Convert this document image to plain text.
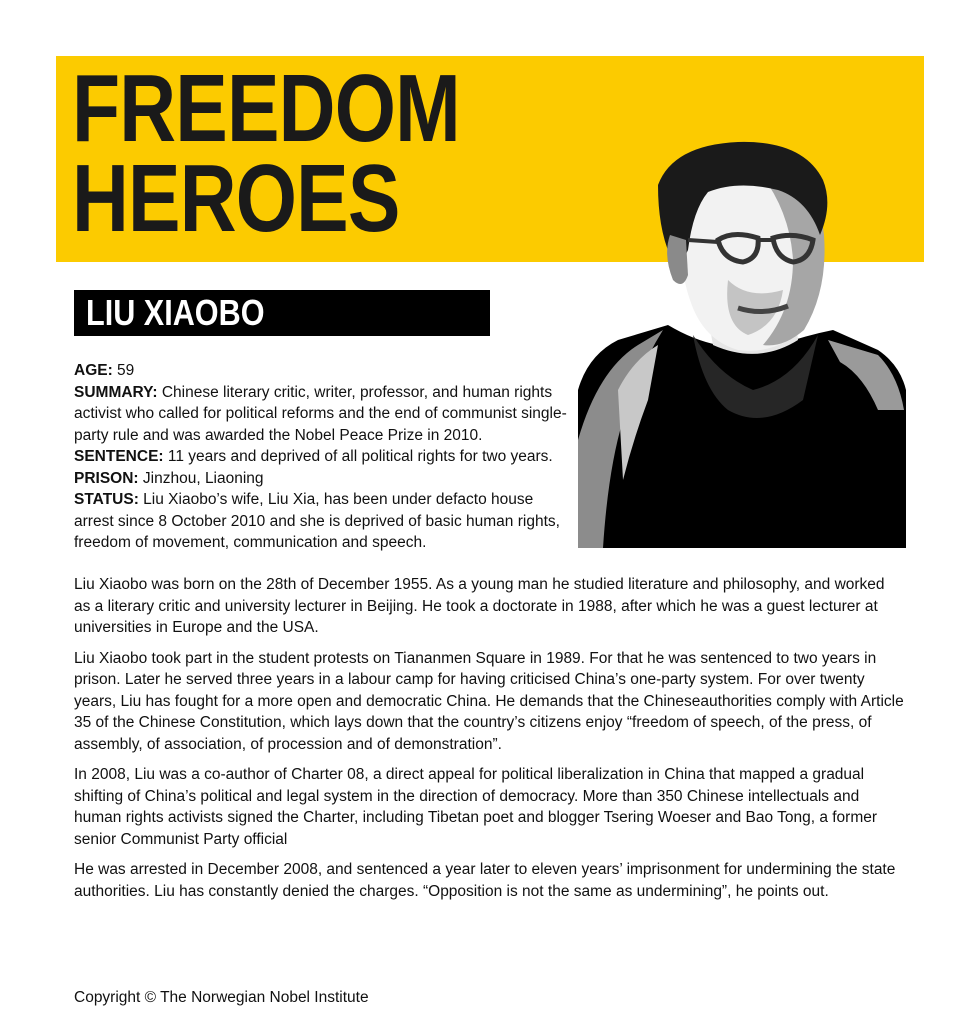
FREEDOM
HEROES
LIU XIAOBO

AGE: 59

SUMMARY: Chinese literary critic, writer, professor, and human rights activist who called for political reforms and the end of communist single-party rule and was awarded the Nobel Peace Prize in 2010.

SENTENCE: 11 years and deprived of all political rights for two years.

PRISON: Jinzhou, Liaoning

STATUS: Liu Xiaobo’s wife, Liu Xia, has been under defacto house arrest since 8 October 2010 and she is deprived of basic human rights, freedom of movement, communication and speech.

Liu Xiaobo was born on the 28th of December 1955. As a young man he studied literature and philosophy, and worked as a literary critic and university lecturer in Beijing. He took a doctorate in 1988, after which he was a guest lecturer at universities in Europe and the USA.

Liu Xiaobo took part in the student protests on Tiananmen Square in 1989. For that he was sentenced to two years in prison. Later he served three years in a labour camp for having criticised China’s one-party system. For over twenty years, Liu has fought for a more open and democratic China. He demands that the Chineseauthorities comply with Article 35 of the Chinese Constitution, which lays down that the country’s citizens enjoy “freedom of speech, of the press, of assembly, of association, of procession and of demonstration”.

In 2008, Liu was a co-author of Charter 08, a direct appeal for political liberalization in China that mapped a gradual shifting of China’s political and legal system in the direction of democracy. More than 350 Chinese intellectuals and human rights activists signed the Charter, including Tibetan poet and blogger Tsering Woeser and Bao Tong, a former senior Communist Party official

He was arrested in December 2008, and sentenced a year later to eleven years’ imprisonment for undermining the state authorities. Liu has constantly denied the charges. “Opposition is not the same as undermining”, he points out.

Copyright © The Norwegian Nobel Institute
